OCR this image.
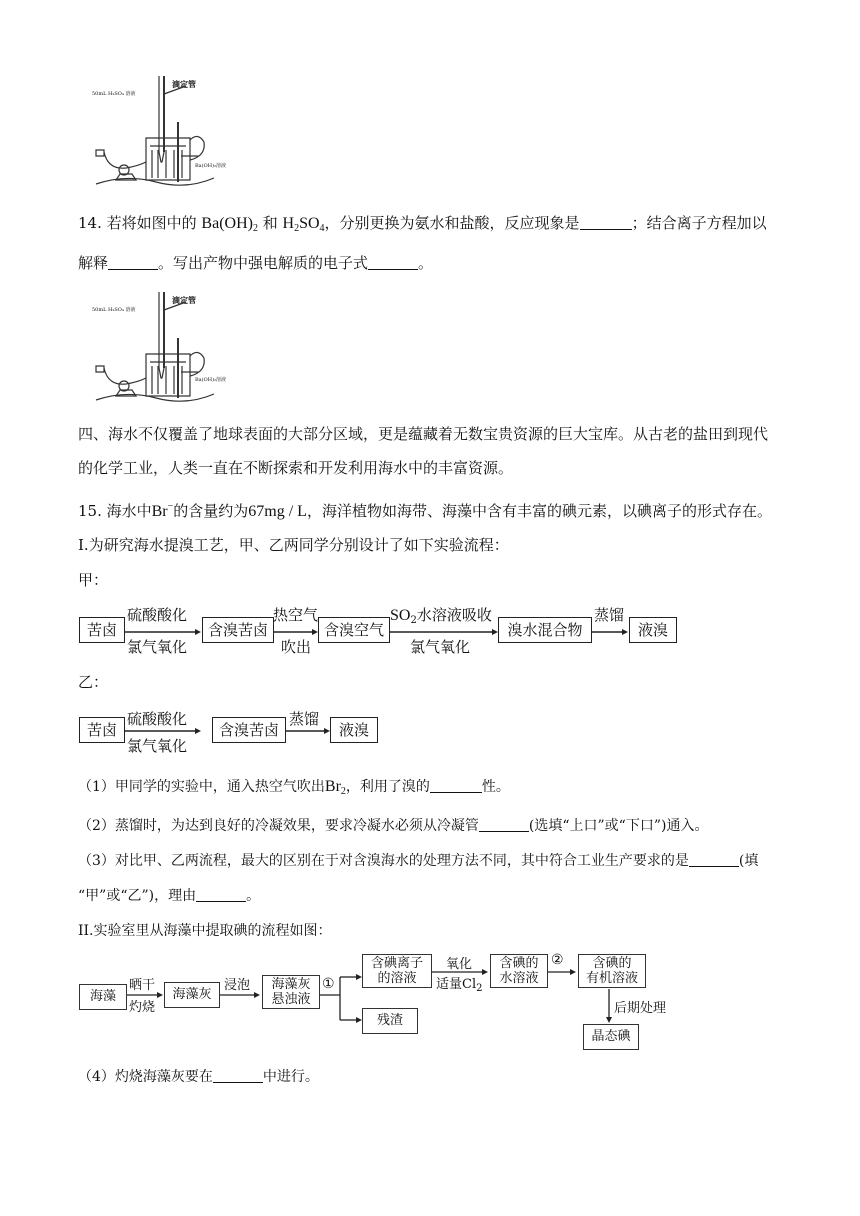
滴定管
50mL H₂SO₄ 溶液
Ba(OH)₂溶液
14. 若将如图中的 $Ba(OH)_2$ 和 $H_2SO_4$，分别更换为氨水和盐酸，反应现象是	；结合离子方程加以
解释	。写出产物中强电解质的电子式	。
滴定管
50mL H₂SO₄ 溶液
Ba(OH)₂溶液
四、海水不仅覆盖了地球表面的大部分区域，更是蕴藏着无数宝贵资源的巨大宝库。从古老的盐田到现代
的化学工业，人类一直在不断探索和开发利用海水中的丰富资源。
15. 海水中Br−的含量约为67mg / L，海洋植物如海带、海藻中含有丰富的碘元素，以碘离子的形式存在。
I.为研究海水提溴工艺，甲、乙两同学分别设计了如下实验流程：
甲：
苦卤
硫酸酸化
氯气氧化
含溴苦卤
热空气
吹出
含溴空气
$SO_2$水溶液吸收
氯气氧化
溴水混合物
蒸馏
液溴
乙：
苦卤
硫酸酸化
氯气氧化
含溴苦卤
蒸馏
液溴
（1）甲同学的实验中，通入热空气吹出$Br_2$，利用了溴的	性。
（2）蒸馏时，为达到良好的冷凝效果，要求冷凝水必须从冷凝管	(选填“上口”或“下口”)通入。
（3）对比甲、乙两流程，最大的区别在于对含溴海水的处理方法不同，其中符合工业生产要求的是	(填
“甲”或“乙”)，理由	。
II.实验室里从海藻中提取碘的流程如图：
海藻
晒干
灼烧
海藻灰
浸泡	海藻灰
悬浊液
①
含碘离子
的溶液
残渣
氧化
适量$Cl_2$
含碘的
水溶液
②	含碘的
有机溶液
后期处理
晶态碘
（4）灼烧海藻灰要在	中进行。
